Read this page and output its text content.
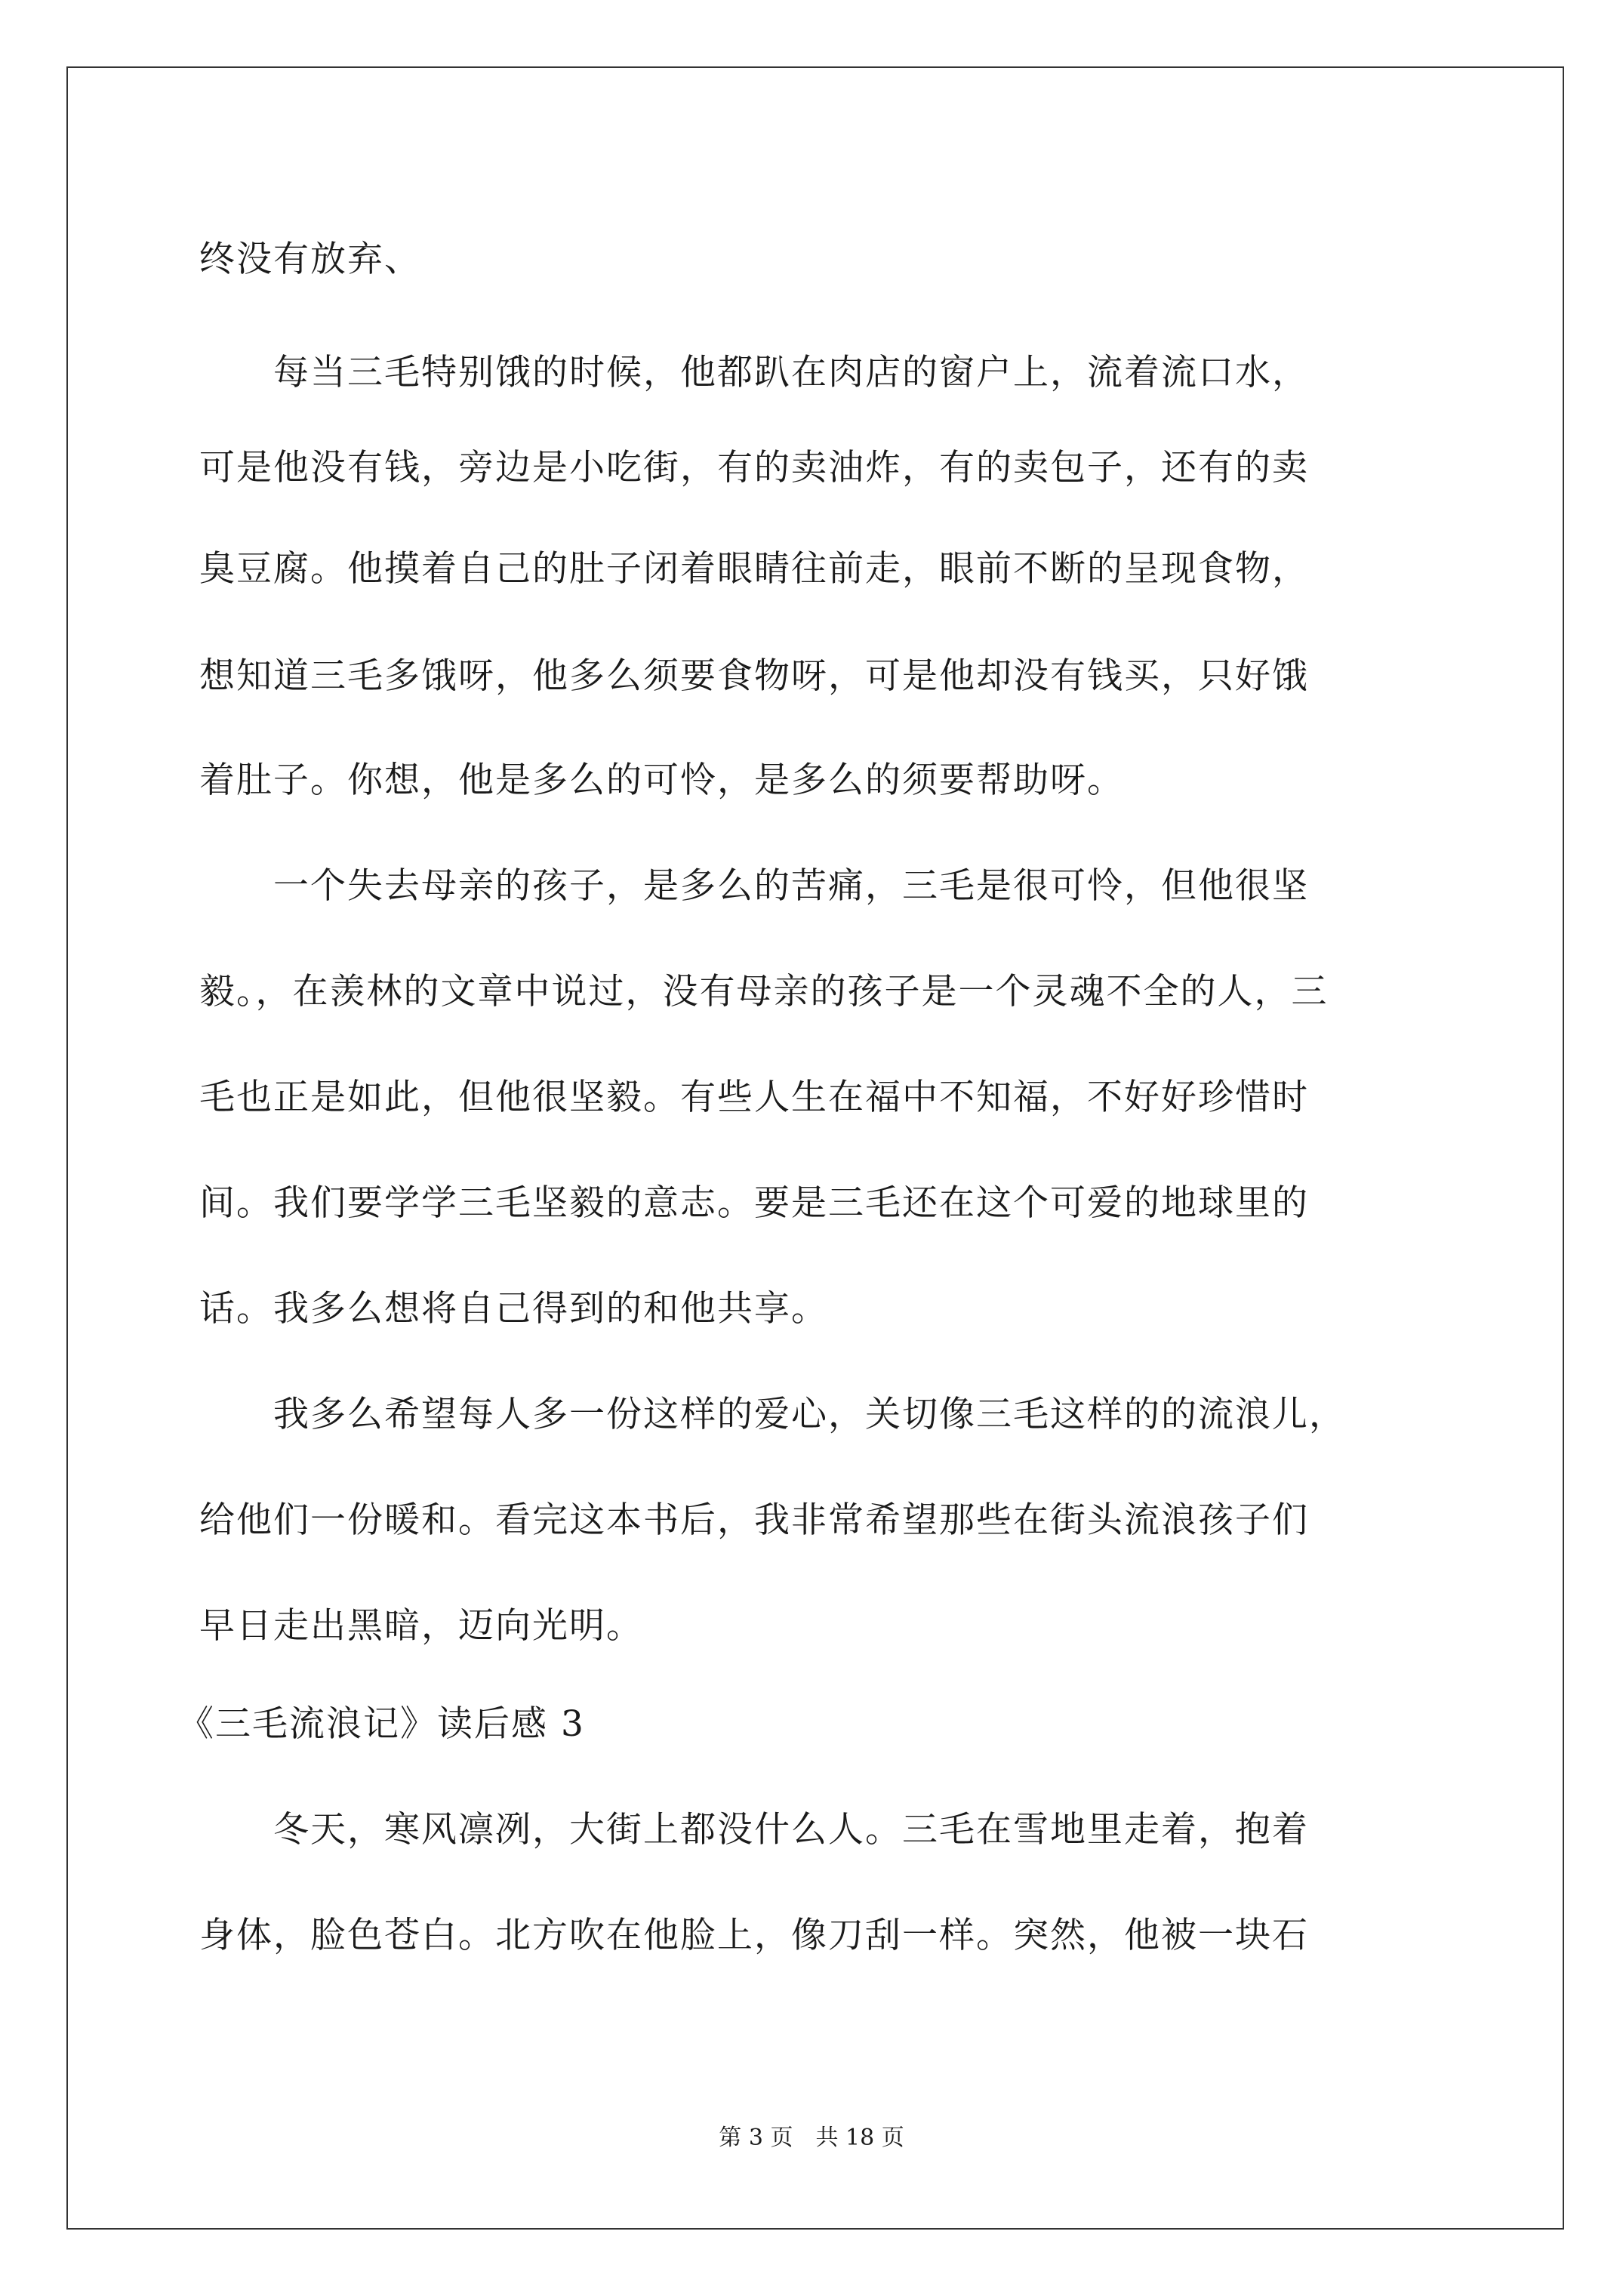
终没有放弃、
　　每当三毛特别饿的时候，他都趴在肉店的窗户上，流着流口水，
可是他没有钱，旁边是小吃街，有的卖油炸，有的卖包子，还有的卖
臭豆腐。他摸着自己的肚子闭着眼睛往前走，眼前不断的呈现食物，
想知道三毛多饿呀，他多么须要食物呀，可是他却没有钱买，只好饿
着肚子。你想，他是多么的可怜，是多么的须要帮助呀。
　　一个失去母亲的孩子，是多么的苦痛，三毛是很可怜，但他很坚
毅。，在羡林的文章中说过，没有母亲的孩子是一个灵魂不全的人，三
毛也正是如此，但他很坚毅。有些人生在福中不知福，不好好珍惜时
间。我们要学学三毛坚毅的意志。要是三毛还在这个可爱的地球里的
话。我多么想将自己得到的和他共享。
　　我多么希望每人多一份这样的爱心，关切像三毛这样的的流浪儿，
给他们一份暖和。看完这本书后，我非常希望那些在街头流浪孩子们
早日走出黑暗，迈向光明。
《三毛流浪记》读后感 3
　　冬天，寒风凛冽，大街上都没什么人。三毛在雪地里走着，抱着
身体，脸色苍白。北方吹在他脸上，像刀刮一样。突然，他被一块石
第 3 页　共 18 页
